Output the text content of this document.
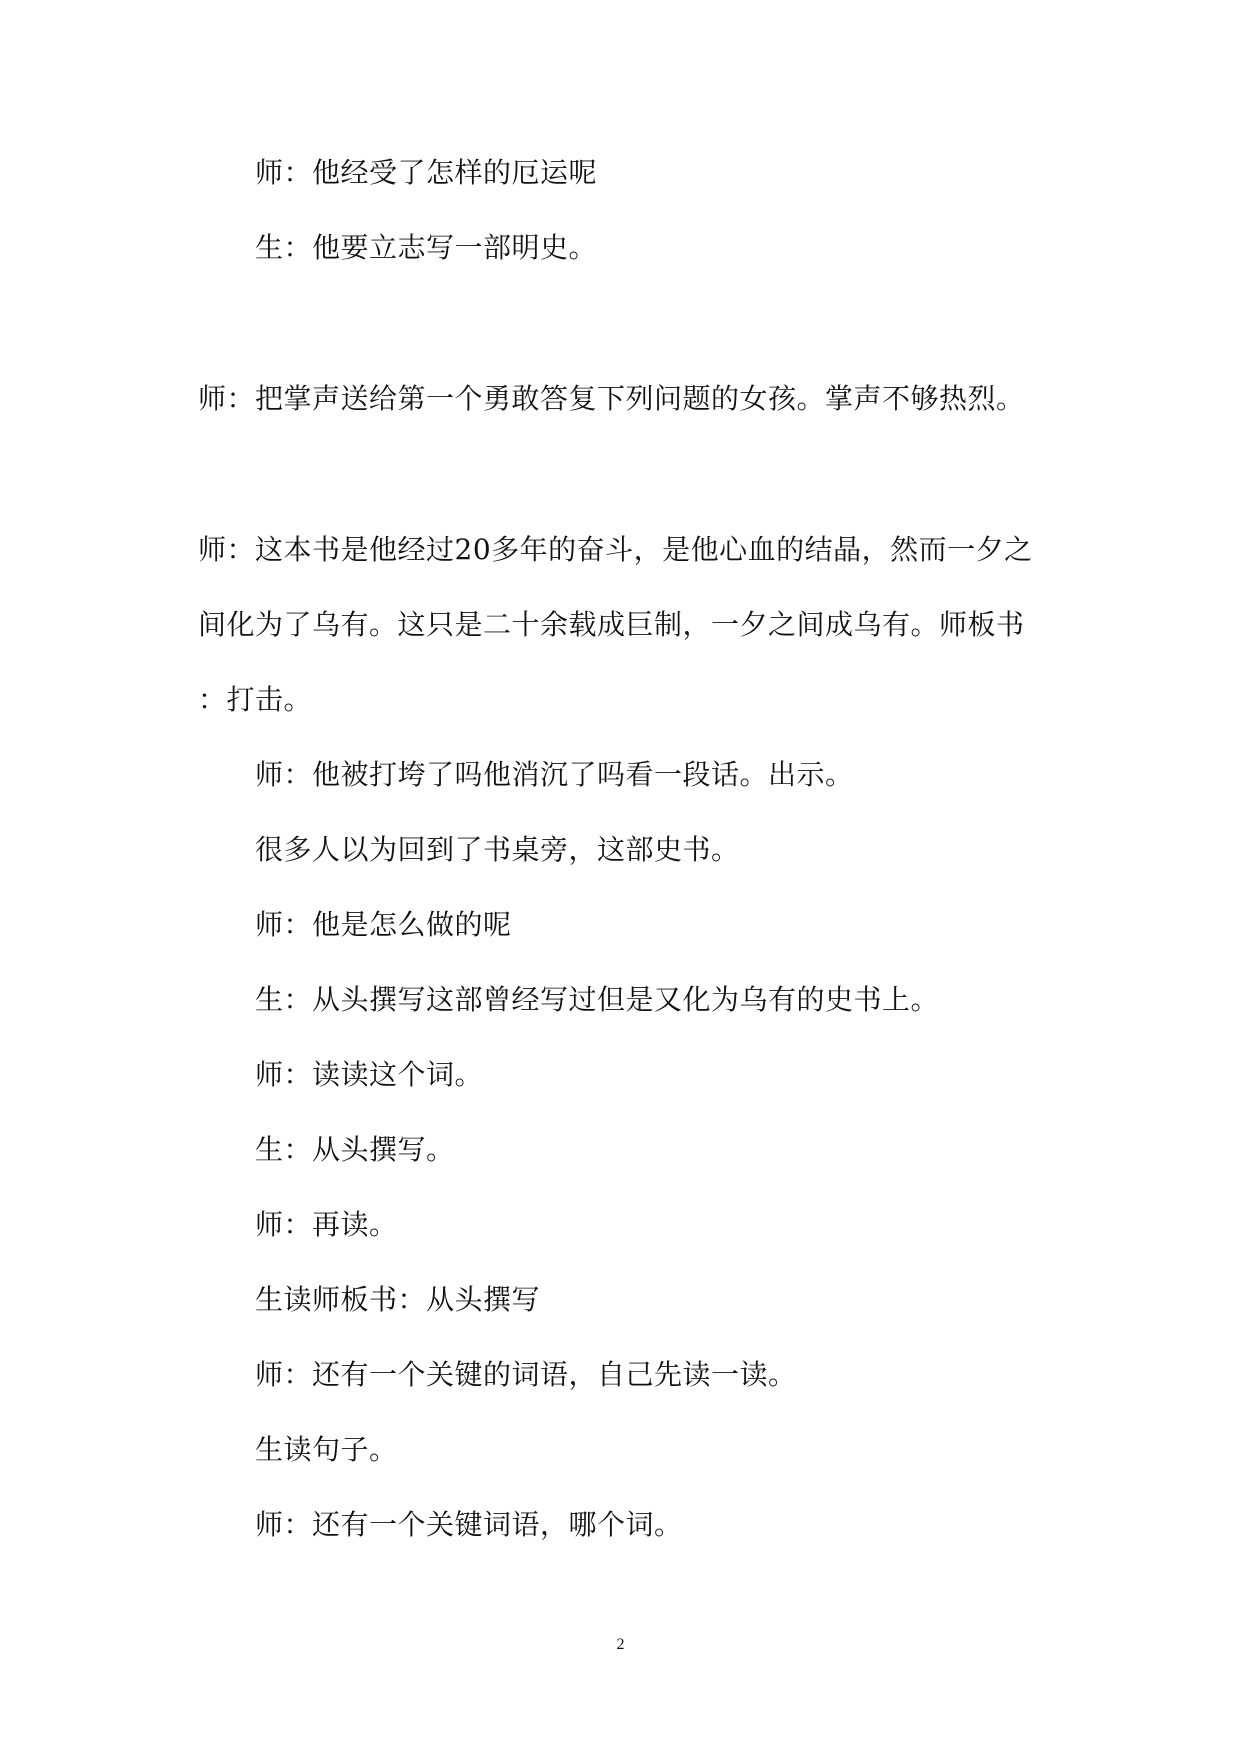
师：他经受了怎样的厄运呢

生：他要立志写一部明史。

师：把掌声送给第一个勇敢答复下列问题的女孩。掌声不够热烈。

师：这本书是他经过20多年的奋斗，是他心血的结晶，然而一夕之

间化为了乌有。这只是二十余载成巨制，一夕之间成乌有。师板书

：打击。

师：他被打垮了吗他消沉了吗看一段话。出示。

很多人以为回到了书桌旁，这部史书。

师：他是怎么做的呢

生：从头撰写这部曾经写过但是又化为乌有的史书上。

师：读读这个词。

生：从头撰写。

师：再读。

生读师板书：从头撰写

师：还有一个关键的词语，自己先读一读。

生读句子。

师：还有一个关键词语，哪个词。

2
